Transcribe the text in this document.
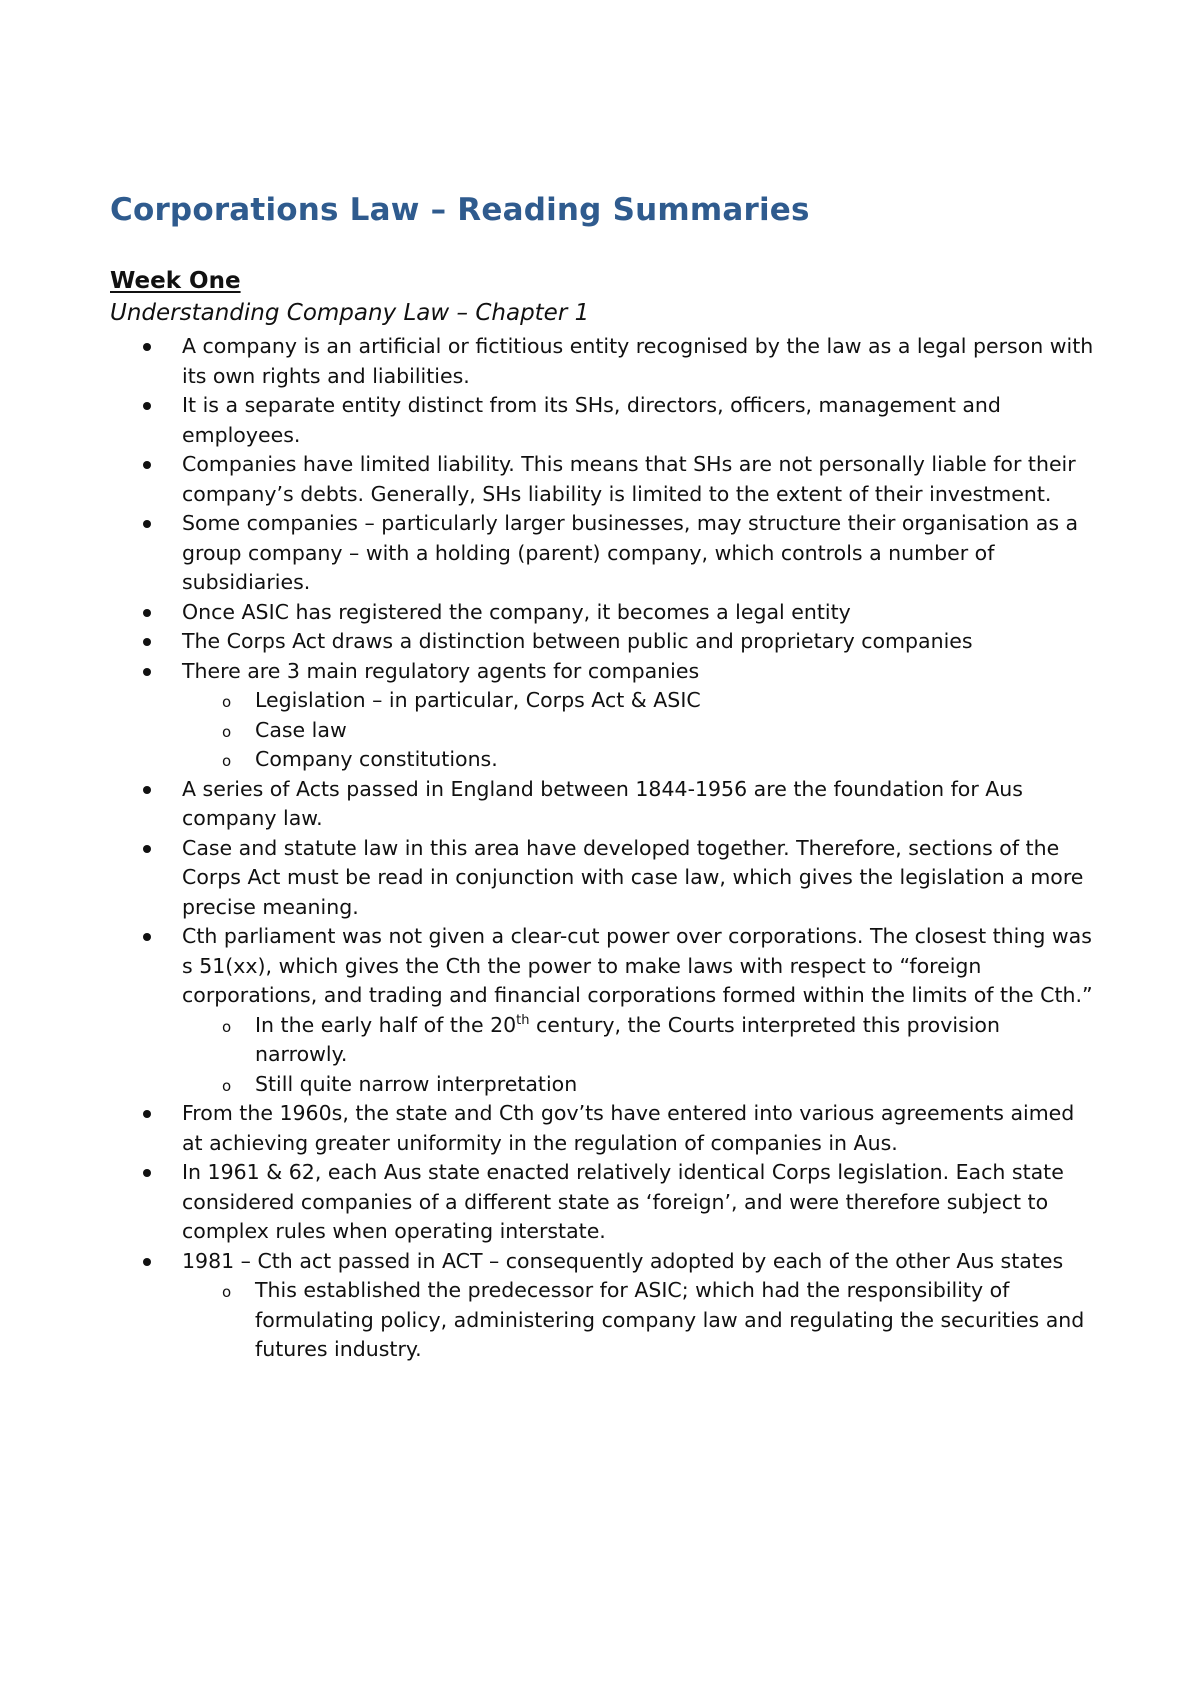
Corporations Law – Reading Summaries
Week One
Understanding Company Law – Chapter 1
A company is an artificial or fictitious entity recognised by the law as a legal person with its own rights and liabilities.
It is a separate entity distinct from its SHs, directors, officers, management and employees.
Companies have limited liability. This means that SHs are not personally liable for their company’s debts. Generally, SHs liability is limited to the extent of their investment.
Some companies – particularly larger businesses, may structure their organisation as a group company – with a holding (parent) company, which controls a number of subsidiaries.
Once ASIC has registered the company, it becomes a legal entity
The Corps Act draws a distinction between public and proprietary companies
There are 3 main regulatory agents for companies
o Legislation – in particular, Corps Act & ASIC
o Case law
o Company constitutions.
A series of Acts passed in England between 1844-1956 are the foundation for Aus company law.
Case and statute law in this area have developed together. Therefore, sections of the Corps Act must be read in conjunction with case law, which gives the legislation a more precise meaning.
Cth parliament was not given a clear-cut power over corporations. The closest thing was s 51(xx), which gives the Cth the power to make laws with respect to “foreign corporations, and trading and financial corporations formed within the limits of the Cth.”
o In the early half of the 20th century, the Courts interpreted this provision narrowly.
o Still quite narrow interpretation
From the 1960s, the state and Cth gov’ts have entered into various agreements aimed at achieving greater uniformity in the regulation of companies in Aus.
In 1961 & 62, each Aus state enacted relatively identical Corps legislation. Each state considered companies of a different state as ‘foreign’, and were therefore subject to complex rules when operating interstate.
1981 – Cth act passed in ACT – consequently adopted by each of the other Aus states
o This established the predecessor for ASIC; which had the responsibility of formulating policy, administering company law and regulating the securities and futures industry.
